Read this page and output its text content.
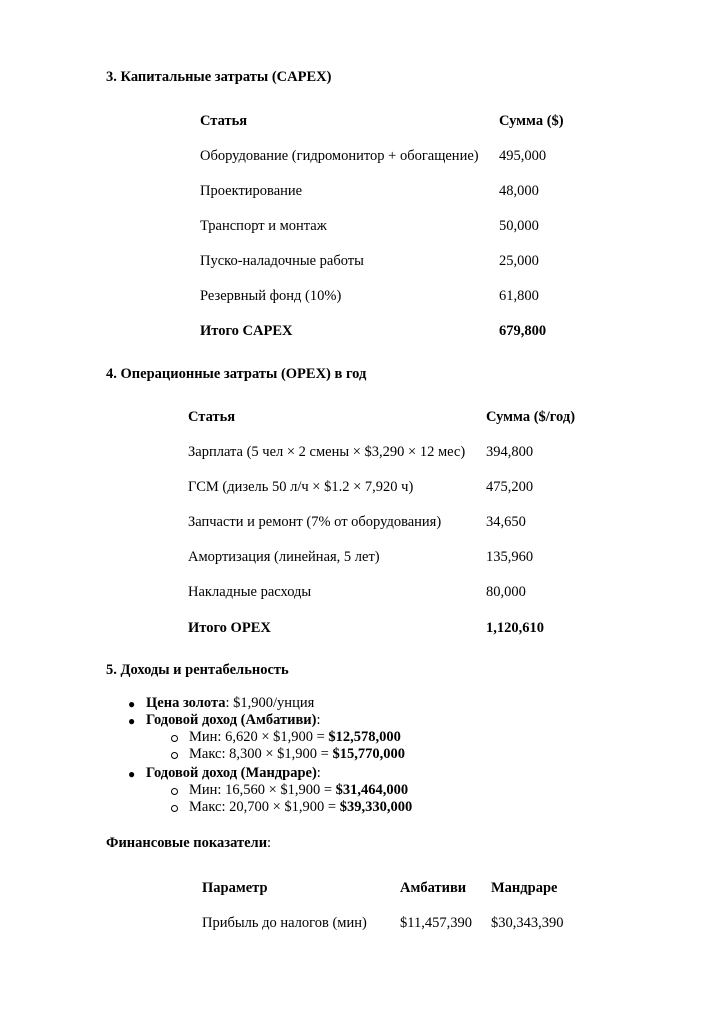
3. Капитальные затраты (CAPEX)
Статья	Сумма ($)
Оборудование (гидромонитор + обогащение) 495,000
Проектирование	48,000
Транспорт и монтаж	50,000
Пуско-наладочные работы	25,000
Резервный фонд (10%)	61,800
Итого CAPEX	679,800
4. Операционные затраты (OPEX) в год
Статья	Сумма ($/год)
Зарплата (5 чел × 2 смены × $3,290 × 12 мес) 394,800
ГСМ (дизель 50 л/ч × $1.2 × 7,920 ч)	475,200
Запчасти и ремонт (7% от оборудования)	34,650
Амортизация (линейная, 5 лет)	135,960
Накладные расходы	80,000
Итого OPEX	1,120,610
5. Доходы и рентабельность
● Цена золота: $1,900/унция
● Годовой доход (Амбативи):
Мин: 6,620 × $1,900 = $12,578,000
Макс: 8,300 × $1,900 = $15,770,000
● Годовой доход (Мандраре):
Мин: 16,560 × $1,900 = $31,464,000
Макс: 20,700 × $1,900 = $39,330,000
Финансовые показатели:
Параметр	Амбативи Мандраре
Прибыль до налогов (мин) $11,457,390 $30,343,390
